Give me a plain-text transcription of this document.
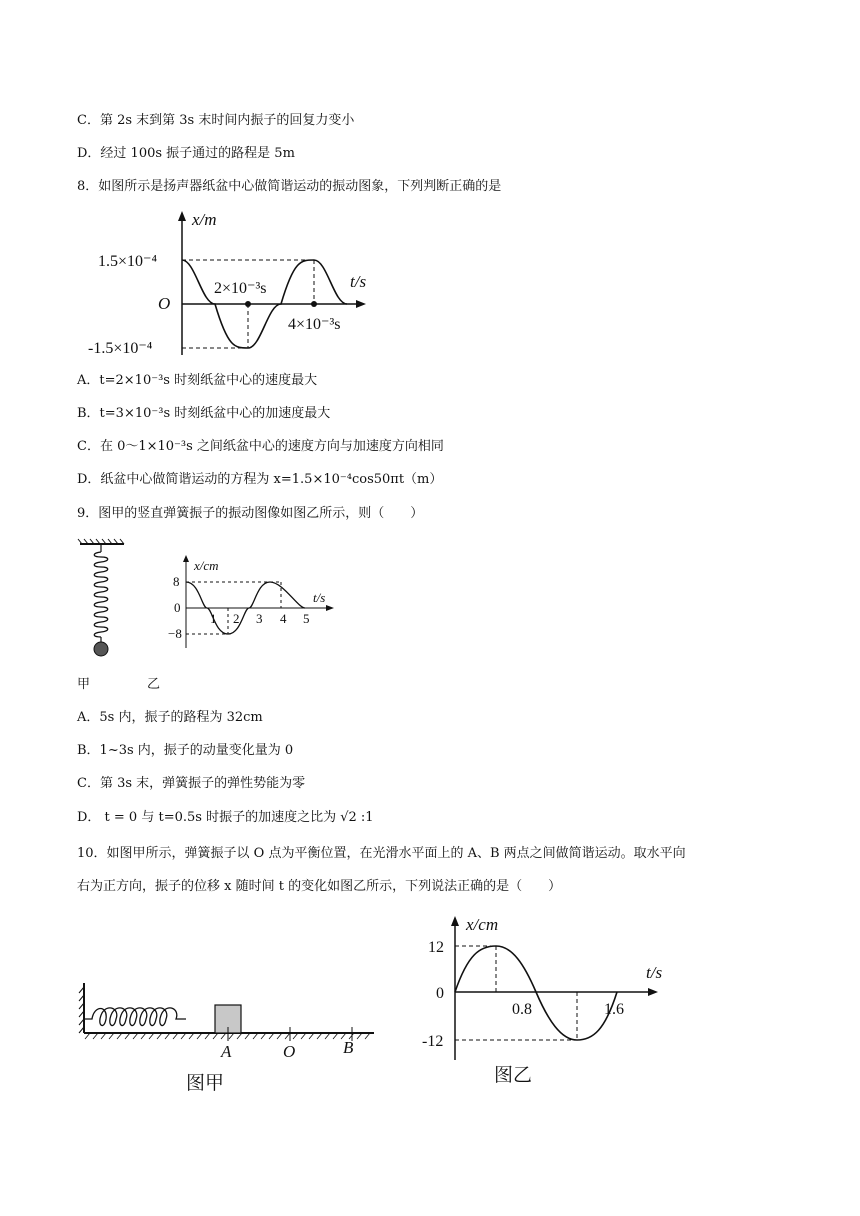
C．第 2s 末到第 3s 末时间内振子的回复力变小
D．经过 100s 振子通过的路程是 5m
8．如图所示是扬声器纸盆中心做简谐运动的振动图象，下列判断正确的是
x/m
t/s
1.5×10⁻⁴
-1.5×10⁻⁴
O
2×10⁻³s
4×10⁻³s
A．t=2×10⁻³s 时刻纸盆中心的速度最大
B．t=3×10⁻³s 时刻纸盆中心的加速度最大
C．在 0～1×10⁻³s 之间纸盆中心的速度方向与加速度方向相同
D．纸盆中心做简谐运动的方程为 x=1.5×10⁻⁴cos50πt（m）
9．图甲的竖直弹簧振子的振动图像如图乙所示，则（　　）
x/cm
t/s
8
0
−8
1 2 3 4 5
甲	乙
A．5s 内，振子的路程为 32cm
B．1~3s 内，振子的动量变化量为 0
C．第 3s 末，弹簧振子的弹性势能为零
D． t = 0 与 t=0.5s 时振子的加速度之比为 √2 :1
10．如图甲所示，弹簧振子以 O 点为平衡位置，在光滑水平面上的 A、B 两点之间做简谐运动。取水平向
右为正方向，振子的位移 x 随时间 t 的变化如图乙所示，下列说法正确的是（　　）
A	O	B
图甲
x/cm
t/s
12
0
-12
0.8	1.6
图乙
